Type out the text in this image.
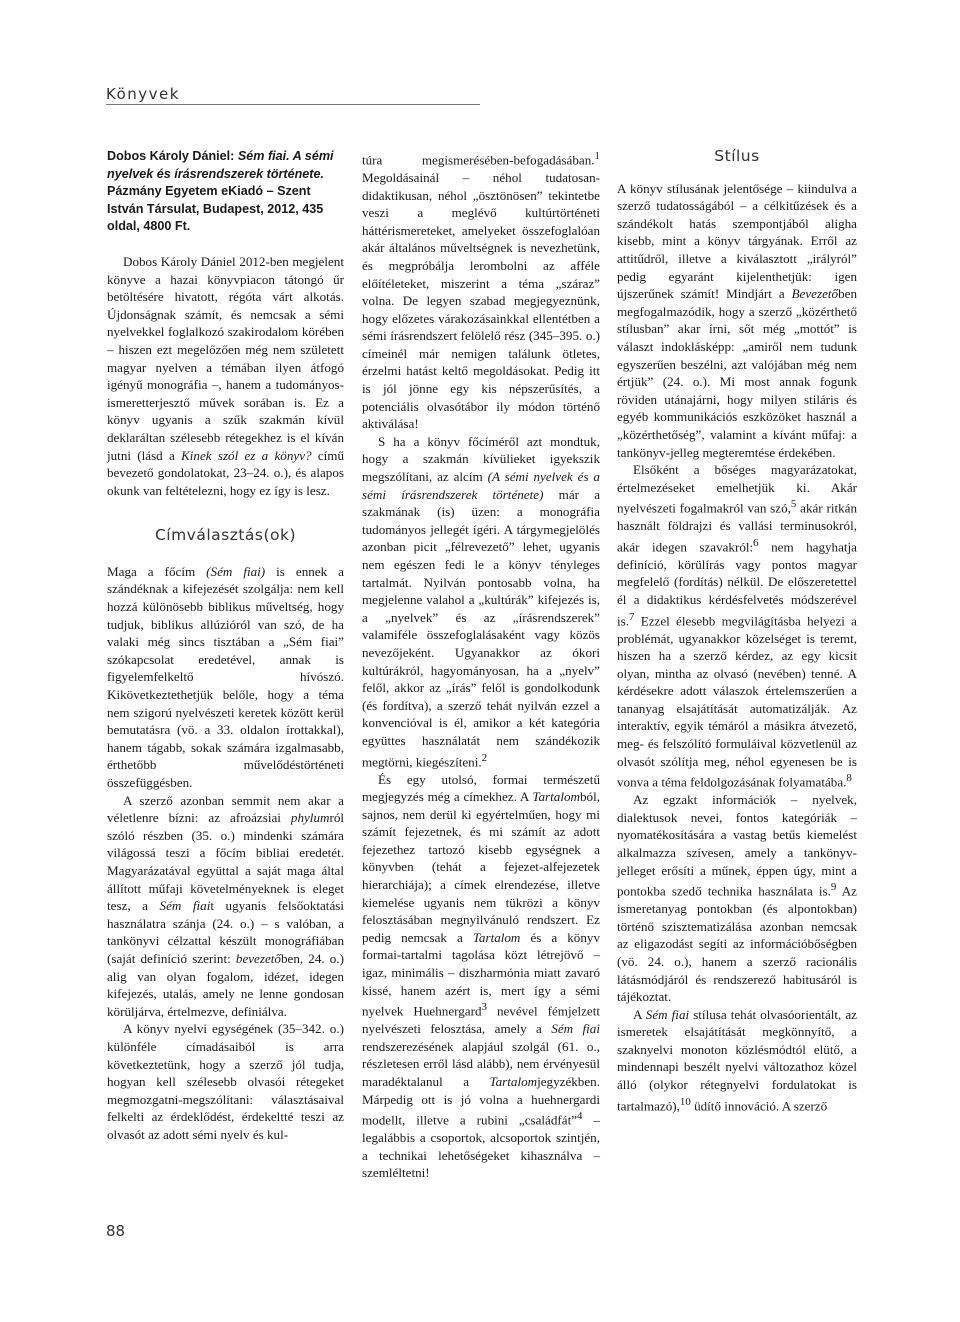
Könyvek
Dobos Károly Dániel: Sém fiai. A sémi nyelvek és írásrendszerek története. Pázmány Egyetem eKiadó – Szent István Társulat, Budapest, 2012, 435 oldal, 4800 Ft.

Dobos Károly Dániel 2012-ben megjelent könyve a hazai könyvpiacon tátongó űr betöltésére hivatott, régóta várt alkotás. Újdonságnak számít, és nemcsak a sémi nyelvekkel foglalkozó szakirodalom körében – hiszen ezt megelőzően még nem született magyar nyelven a témában ilyen átfogó igényű monográfia –, hanem a tudományos-ismeretterjesztő művek sorában is. Ez a könyv ugyanis a szűk szakmán kívül deklaráltan szélesebb rétegekhez is el kíván jutni (lásd a Kinek szól ez a könyv? című bevezető gondolatokat, 23–24. o.), és alapos okunk van feltételezni, hogy ez így is lesz.

Címválasztás(ok)

Maga a főcím (Sém fiai) is ennek a szándéknak a kifejezését szolgálja: nem kell hozzá különösebb biblikus műveltség, hogy tudjuk, biblikus allúzióról van szó, de ha valaki még sincs tisztában a „Sém fiai” szókapcsolat eredetével, annak is figyelemfelkeltő hívószó. Kikövetkeztethetjük belőle, hogy a téma nem szigorú nyelvészeti keretek között kerül bemutatásra (vö. a 33. oldalon írottakkal), hanem tágabb, sokak számára izgalmasabb, érthetőbb művelődéstörténeti összefüggésben.

A szerző azonban semmit nem akar a véletlenre bízni: az afroázsiai phylumról szóló részben (35. o.) mindenki számára világossá teszi a főcím bibliai eredetét. Magyarázatával együttal a saját maga által állított műfaji követelményeknek is eleget tesz, a Sém fiait ugyanis felsőoktatási használatra szánja (24. o.) – s valóban, a tankönyvi célzattal készült monográfiában (saját definíció szerint: bevezetőben, 24. o.) alig van olyan fogalom, idézet, idegen kifejezés, utalás, amely ne lenne gondosan körüljárva, értelmezve, definiálva.

A könyv nyelvi egységének (35–342. o.) különféle címadásaiból is arra következtetünk, hogy a szerző jól tudja, hogyan kell szélesebb olvasói rétegeket megmozgatni-megszólítani: választásaival felkelti az érdeklődést, érdekeltté teszi az olvasót az adott sémi nyelv és kul-

túra megismerésében-befogadásában.$^1$ Megoldásainál – néhol tudatosan-didaktikusan, néhol „ösztönösen” tekintetbe veszi a meglévő kultúrtörténeti háttérismereteket, amelyeket összefoglalóan akár általános műveltségnek is nevezhetünk, és megpróbálja lerombolni az afféle előítéleteket, miszerint a téma „száraz” volna. De legyen szabad megjegyeznünk, hogy előzetes várakozásainkkal ellentétben a sémi írásrendszert felölelő rész (345–395. o.) címeinél már nemigen találunk ötletes, érzelmi hatást keltő megoldásokat. Pedig itt is jól jönne egy kis népszerűsítés, a potenciális olvasótábor ily módon történő aktiválása!

S ha a könyv főcíméről azt mondtuk, hogy a szakmán kívülieket igyekszik megszólítani, az alcím (A sémi nyelvek és a sémi írásrendszerek története) már a szakmának (is) üzen: a monográfia tudományos jellegét ígéri. A tárgymegjelölés azonban picit „félrevezető” lehet, ugyanis nem egészen fedi le a könyv tényleges tartalmát. Nyilván pontosabb volna, ha megjelenne valahol a „kultúrák” kifejezés is, a „nyelvek” és az „írásrendszerek” valamiféle összefoglalásaként vagy közös nevezőjeként. Ugyanakkor az ókori kultúrákról, hagyományosan, ha a „nyelv” felől, akkor az „írás” felől is gondolkodunk (és fordítva), a szerző tehát nyilván ezzel a konvencióval is él, amikor a két kategória együttes használatát nem szándékozik megtörni, kiegészíteni.$^2$

És egy utolsó, formai természetű megjegyzés még a címekhez. A Tartalomból, sajnos, nem derül ki egyértelműen, hogy mi számít fejezetnek, és mi számít az adott fejezethez tartozó kisebb egységnek a könyvben (tehát a fejezet-alfejezetek hierarchiája); a címek elrendezése, illetve kiemelése ugyanis nem tükrözi a könyv felosztásában megnyilvánuló rendszert. Ez pedig nemcsak a Tartalom és a könyv formai-tartalmi tagolása közt létrejövő – igaz, minimális – diszharmónia miatt zavaró kissé, hanem azért is, mert így a sémi nyelvek Huehnergard$^3$ nevével fémjelzett nyelvészeti felosztása, amely a Sém fiai rendszerezésének alapjául szolgál (61. o., részletesen erről lásd alább), nem érvényesül maradéktalanul a Tartalomjegyzékben. Márpedig ott is jó volna a huehnergardi modellt, illetve a rubini „családfát”$^4$ – legalábbis a csoportok, alcsoportok szintjén, a technikai lehetőségeket kihasználva – szemléltetni!

Stílus

A könyv stílusának jelentősége – kiindulva a szerző tudatosságából – a célkitűzések és a szándékolt hatás szempontjából aligha kisebb, mint a könyv tárgyának. Erről az attitűdről, illetve a kiválasztott „irályról” pedig egyaránt kijelenthetjük: igen újszerűnek számít! Mindjárt a Bevezetőben megfogalmazódik, hogy a szerző „közérthető stílusban” akar írni, sőt még „mottót” is választ indoklásképp: „amiről nem tudunk egyszerűen beszélni, azt valójában még nem értjük” (24. o.). Mi most annak fogunk röviden utánajárni, hogy milyen stiláris és egyéb kommunikációs eszközöket használ a „közérthetőség”, valamint a kívánt műfaj: a tankönyv-jelleg megteremtése érdekében.

Elsőként a bőséges magyarázatokat, értelmezéseket emelhetjük ki. Akár nyelvészeti fogalmakról van szó,$^5$ akár ritkán használt földrajzi és vallási terminusokról, akár idegen szavakról:$^6$ nem hagyhatja definíció, körülírás vagy pontos magyar megfelelő (fordítás) nélkül. De előszeretettel él a didaktikus kérdésfelvetés módszerével is.$^7$ Ezzel élesebb megvilágításba helyezi a problémát, ugyanakkor közelséget is teremt, hiszen ha a szerző kérdez, az egy kicsit olyan, mintha az olvasó (nevében) tenné. A kérdésekre adott válaszok értelemszerűen a tananyag elsajátítását automatizálják. Az interaktív, egyik témáról a másikra átvezető, meg- és felszólító formuláival közvetlenül az olvasót szólítja meg, néhol egyenesen be is vonva a téma feldolgozásának folyamatába.$^8$

Az egzakt információk – nyelvek, dialektusok nevei, fontos kategóriák – nyomatékosítására a vastag betűs kiemelést alkalmazza szívesen, amely a tankönyv-jelleget erősíti a műnek, éppen úgy, mint a pontokba szedő technika használata is.$^9$ Az ismeretanyag pontokban (és alpontokban) történő szisztematizálása azonban nemcsak az eligazodást segíti az információbőségben (vö. 24. o.), hanem a szerző racionális látásmódjáról és rendszerező habitusáról is tájékoztat.

A Sém fiai stílusa tehát olvasóorientált, az ismeretek elsajátítását megkönnyítő, a szaknyelvi monoton közlésmódtól elütő, a mindennapi beszélt nyelvi változathoz közel álló (olykor rétegnyelvi fordulatokat is tartalmazó),$^{10}$ üdítő innováció. A szerző

88
